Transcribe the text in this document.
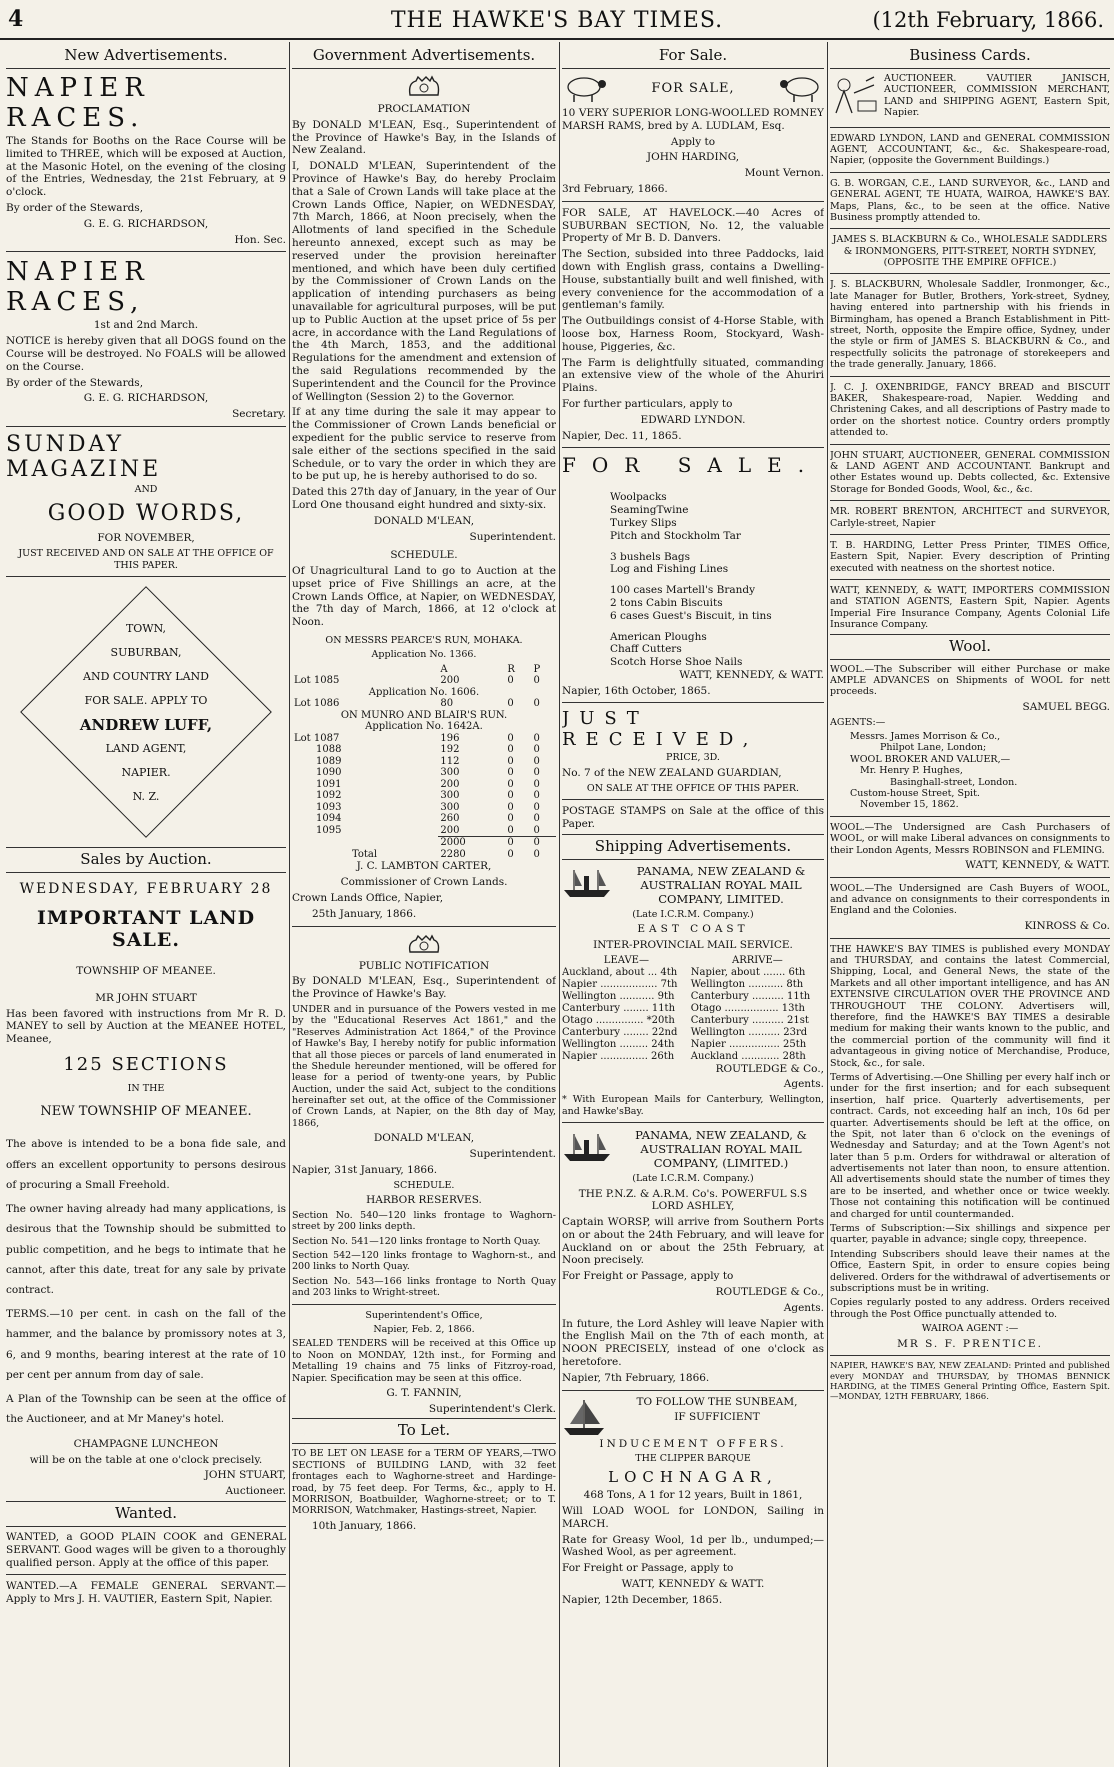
4	THE HAWKE'S BAY TIMES.	(12th February, 1866.
New Advertisements.
NAPIER RACES.

The Stands for Booths on the Race Course will be limited to THREE, which will be exposed at Auction, at the Masonic Hotel, on the evening of the closing of the Entries, Wednesday, the 21st February, at 9 o'clock.

By order of the Stewards,

G. E. G. RICHARDSON,

Hon. Sec.

NAPIER RACES,

1st and 2nd March.

NOTICE is hereby given that all DOGS found on the Course will be destroyed. No FOALS will be allowed on the Course.

By order of the Stewards,

G. E. G. RICHARDSON,

Secretary.

SUNDAY MAGAZINE

AND

GOOD WORDS,

FOR NOVEMBER,

JUST RECEIVED AND ON SALE AT THE OFFICE OF THIS PAPER.

TOWN,
SUBURBAN,
AND COUNTRY LAND
FOR SALE. APPLY TO
ANDREW LUFF,
LAND AGENT,
NAPIER.
N. Z.
Sales by Auction.
WEDNESDAY, FEBRUARY 28
IMPORTANT LAND SALE.

TOWNSHIP OF MEANEE.

MR JOHN STUART

Has been favored with instructions from Mr R. D. MANEY to sell by Auction at the MEANEE HOTEL, Meanee,

125 SECTIONS

IN THE

NEW TOWNSHIP OF MEANEE.

The above is intended to be a bona fide sale, and offers an excellent opportunity to persons desirous of procuring a Small Freehold.

The owner having already had many applications, is desirous that the Township should be submitted to public competition, and he begs to intimate that he cannot, after this date, treat for any sale by private contract.

TERMS.—10 per cent. in cash on the fall of the hammer, and the balance by promissory notes at 3, 6, and 9 months, bearing interest at the rate of 10 per cent per annum from day of sale.

A Plan of the Township can be seen at the office of the Auctioneer, and at Mr Maney's hotel.

CHAMPAGNE LUNCHEON

will be on the table at one o'clock precisely.

JOHN STUART,

Auctioneer.

Wanted.

WANTED, a GOOD PLAIN COOK and GENERAL SERVANT. Good wages will be given to a thoroughly qualified person. Apply at the office of this paper.

WANTED.—A FEMALE GENERAL SERVANT.—Apply to Mrs J. H. VAUTIER, Eastern Spit, Napier.

Government Advertisements.

PROCLAMATION

By DONALD M'LEAN, Esq., Superintendent of the Province of Hawke's Bay, in the Islands of New Zealand.

I, DONALD M'LEAN, Superintendent of the Province of Hawke's Bay, do hereby Proclaim that a Sale of Crown Lands will take place at the Crown Lands Office, Napier, on WEDNESDAY, 7th March, 1866, at Noon precisely, when the Allotments of land specified in the Schedule hereunto annexed, except such as may be reserved under the provision hereinafter mentioned, and which have been duly certified by the Commissioner of Crown Lands on the application of intending purchasers as being unavailable for agricultural purposes, will be put up to Public Auction at the upset price of 5s per acre, in accordance with the Land Regulations of the 4th March, 1853, and the additional Regulations for the amendment and extension of the said Regulations recommended by the Superintendent and the Council for the Province of Wellington (Session 2) to the Governor.

If at any time during the sale it may appear to the Commissioner of Crown Lands beneficial or expedient for the public service to reserve from sale either of the sections specified in the said Schedule, or to vary the order in which they are to be put up, he is hereby authorised to do so.

Dated this 27th day of January, in the year of Our Lord One thousand eight hundred and sixty-six.

DONALD M'LEAN,

Superintendent.

SCHEDULE.

Of Unagricultural Land to go to Auction at the upset price of Five Shillings an acre, at the Crown Lands Office, at Napier, on WEDNESDAY, the 7th day of March, 1866, at 12 o'clock at Noon.

ON MESSRS PEARCE'S RUN, MOHAKA.

Application No. 1366.

		A	R	P
Lot 1085		200	0	0
Application No. 1606.				
Lot 1086		80	0	0
ON MUNRO AND BLAIR'S RUN.				
Application No. 1642A.				
Lot 1087		196	0	0
1088		192	0	0
1089		112	0	0
1090		300	0	0
1091		200	0	0
1092		300	0	0
1093		300	0	0
1094		260	0	0
1095		200	0	0
		2000	0	0
Total		2280	0	0

J. C. LAMBTON CARTER,

Commissioner of Crown Lands.

Crown Lands Office, Napier,

25th January, 1866.

PUBLIC NOTIFICATION

By DONALD M'LEAN, Esq., Superintendent of the Province of Hawke's Bay.

UNDER and in pursuance of the Powers vested in me by the "Educational Reserves Act 1861," and the "Reserves Administration Act 1864," of the Province of Hawke's Bay, I hereby notify for public information that all those pieces or parcels of land enumerated in the Shedule hereunder mentioned, will be offered for lease for a period of twenty-one years, by Public Auction, under the said Act, subject to the conditions hereinafter set out, at the office of the Commissioner of Crown Lands, at Napier, on the 8th day of May, 1866,

DONALD M'LEAN,

Superintendent.

Napier, 31st January, 1866.

SCHEDULE.

HARBOR RESERVES.

Section No. 540—120 links frontage to Waghorn-street by 200 links depth.

Section No. 541—120 links frontage to North Quay.

Section 542—120 links frontage to Waghorn-st., and 200 links to North Quay.

Section No. 543—166 links frontage to North Quay and 203 links to Wright-street.

Superintendent's Office,

Napier, Feb. 2, 1866.

SEALED TENDERS will be received at this Office up to Noon on MONDAY, 12th inst., for Forming and Metalling 19 chains and 75 links of Fitzroy-road, Napier. Specification may be seen at this office.

G. T. FANNIN,

Superintendent's Clerk.

To Let.

TO BE LET ON LEASE for a TERM OF YEARS,—TWO SECTIONS of BUILDING LAND, with 32 feet frontages each to Waghorne-street and Hardinge-road, by 75 feet deep. For Terms, &c., apply to H. MORRISON, Boatbuilder, Waghorne-street; or to T. MORRISON, Watchmaker, Hastings-street, Napier.

10th January, 1866.

For Sale.
FOR SALE,

10 VERY SUPERIOR LONG-WOOLLED ROMNEY MARSH RAMS, bred by A. LUDLAM, Esq.

Apply to

JOHN HARDING,

Mount Vernon.

3rd February, 1866.

FOR SALE, AT HAVELOCK.—40 Acres of SUBURBAN SECTION, No. 12, the valuable Property of Mr B. D. Danvers.

The Section, subsided into three Paddocks, laid down with English grass, contains a Dwelling-House, substantially built and well finished, with every convenience for the accommodation of a gentleman's family.

The Outbuildings consist of 4-Horse Stable, with loose box, Harness Room, Stockyard, Wash-house, Piggeries, &c.

The Farm is delightfully situated, commanding an extensive view of the whole of the Ahuriri Plains.

For further particulars, apply to

EDWARD LYNDON.

Napier, Dec. 11, 1865.

FOR SALE.

Woolpacks

SeamingTwine

Turkey Slips

Pitch and Stockholm Tar

3 bushels Bags

Log and Fishing Lines

100 cases Martell's Brandy

2 tons Cabin Biscuits

6 cases Guest's Biscuit, in tins

American Ploughs

Chaff Cutters

Scotch Horse Shoe Nails

WATT, KENNEDY, & WATT.

Napier, 16th October, 1865.

JUST RECEIVED,

PRICE, 3D.

No. 7 of the NEW ZEALAND GUARDIAN,

ON SALE AT THE OFFICE OF THIS PAPER.

POSTAGE STAMPS on Sale at the office of this Paper.

Shipping Advertisements.

PANAMA, NEW ZEALAND & AUSTRALIAN ROYAL MAIL COMPANY, LIMITED.

(Late I.C.R.M. Company.)

EAST COAST

INTER-PROVINCIAL MAIL SERVICE.

LEAVE—	ARRIVE—
Auckland, about ... 4th	Napier, about ....... 6th
Napier .................. 7th	Wellington ........... 8th
Wellington ........... 9th	Canterbury .......... 11th
Canterbury ........ 11th	Otago ................. 13th
Otago ............... *20th	Canterbury .......... 21st
Canterbury ........ 22nd	Wellington .......... 23rd
Wellington ......... 24th	Napier ................ 25th
Napier ............... 26th	Auckland ............ 28th

ROUTLEDGE & Co.,

Agents.

* With European Mails for Canterbury, Wellington, and Hawke'sBay.

PANAMA, NEW ZEALAND, & AUSTRALIAN ROYAL MAIL COMPANY, (LIMITED.)

(Late I.C.R.M. Company.)

THE P.N.Z. & A.R.M. Co's. POWERFUL S.S LORD ASHLEY,

Captain WORSP, will arrive from Southern Ports on or about the 24th February, and will leave for Auckland on or about the 25th February, at Noon precisely.

For Freight or Passage, apply to

ROUTLEDGE & Co.,

Agents.

In future, the Lord Ashley will leave Napier with the English Mail on the 7th of each month, at NOON PRECISELY, instead of one o'clock as heretofore.

Napier, 7th February, 1866.

TO FOLLOW THE SUNBEAM,

IF SUFFICIENT

INDUCEMENT OFFERS.

THE CLIPPER BARQUE

LOCHNAGAR,

468 Tons, A 1 for 12 years, Built in 1861,

Will LOAD WOOL for LONDON, Sailing in MARCH.

Rate for Greasy Wool, 1d per lb., undumped;—Washed Wool, as per agreement.

For Freight or Passage, apply to

WATT, KENNEDY & WATT.

Napier, 12th December, 1865.

Business Cards.

AUCTIONEER. VAUTIER JANISCH, AUCTIONEER, COMMISSION MERCHANT, LAND and SHIPPING AGENT, Eastern Spit, Napier.

EDWARD LYNDON, LAND and GENERAL COMMISSION AGENT, ACCOUNTANT, &c., &c. Shakespeare-road, Napier, (opposite the Government Buildings.)

G. B. WORGAN, C.E., LAND SURVEYOR, &c., LAND and GENERAL AGENT, TE HUATA, WAIROA, HAWKE'S BAY. Maps, Plans, &c., to be seen at the office. Native Business promptly attended to.

JAMES S. BLACKBURN & Co., WHOLESALE SADDLERS & IRONMONGERS, PITT-STREET, NORTH SYDNEY, (OPPOSITE THE EMPIRE OFFICE.)

J. S. BLACKBURN, Wholesale Saddler, Ironmonger, &c., late Manager for Butler, Brothers, York-street, Sydney, having entered into partnership with his friends in Birmingham, has opened a Branch Establishment in Pitt-street, North, opposite the Empire office, Sydney, under the style or firm of JAMES S. BLACKBURN & Co., and respectfully solicits the patronage of storekeepers and the trade generally. January, 1866.

J. C. J. OXENBRIDGE, FANCY BREAD and BISCUIT BAKER, Shakespeare-road, Napier. Wedding and Christening Cakes, and all descriptions of Pastry made to order on the shortest notice. Country orders promptly attended to.

JOHN STUART, AUCTIONEER, GENERAL COMMISSION & LAND AGENT AND ACCOUNTANT. Bankrupt and other Estates wound up. Debts collected, &c. Extensive Storage for Bonded Goods, Wool, &c., &c.

MR. ROBERT BRENTON, ARCHITECT and SURVEYOR, Carlyle-street, Napier

T. B. HARDING, Letter Press Printer, TIMES Office, Eastern Spit, Napier. Every description of Printing executed with neatness on the shortest notice.

WATT, KENNEDY, & WATT, IMPORTERS COMMISSION and STATION AGENTS, Eastern Spit, Napier. Agents Imperial Fire Insurance Company, Agents Colonial Life Insurance Company.

Wool.

WOOL.—The Subscriber will either Purchase or make AMPLE ADVANCES on Shipments of WOOL for nett proceeds.

SAMUEL BEGG.

AGENTS:—

Messrs. James Morrison & Co.,

Philpot Lane, London;

WOOL BROKER AND VALUER,—

Mr. Henry P. Hughes,

Basinghall-street, London.

Custom-house Street, Spit.

November 15, 1862.

WOOL.—The Undersigned are Cash Purchasers of WOOL, or will make Liberal advances on consignments to their London Agents, Messrs ROBINSON and FLEMING.

WATT, KENNEDY, & WATT.

WOOL.—The Undersigned are Cash Buyers of WOOL, and advance on consignments to their correspondents in England and the Colonies.

KINROSS & Co.

THE HAWKE'S BAY TIMES is published every MONDAY and THURSDAY, and contains the latest Commercial, Shipping, Local, and General News, the state of the Markets and all other important intelligence, and has AN EXTENSIVE CIRCULATION OVER THE PROVINCE AND THROUGHOUT THE COLONY. Advertisers will, therefore, find the HAWKE'S BAY TIMES a desirable medium for making their wants known to the public, and the commercial portion of the community will find it advantageous in giving notice of Merchandise, Produce, Stock, &c., for sale.

Terms of Advertising.—One Shilling per every half inch or under for the first insertion; and for each subsequent insertion, half price. Quarterly advertisements, per contract. Cards, not exceeding half an inch, 10s 6d per quarter. Advertisements should be left at the office, on the Spit, not later than 6 o'clock on the evenings of Wednesday and Saturday; and at the Town Agent's not later than 5 p.m. Orders for withdrawal or alteration of advertisements not later than noon, to ensure attention. All advertisements should state the number of times they are to be inserted, and whether once or twice weekly. Those not containing this notification will be continued and charged for until countermanded.

Terms of Subscription:—Six shillings and sixpence per quarter, payable in advance; single copy, threepence.

Intending Subscribers should leave their names at the Office, Eastern Spit, in order to ensure copies being delivered. Orders for the withdrawal of advertisements or subscriptions must be in writing.

Copies regularly posted to any address. Orders received through the Post Office punctually attended to.

WAIROA AGENT :—

MR S. F. PRENTICE.

NAPIER, HAWKE'S BAY, NEW ZEALAND: Printed and published every MONDAY and THURSDAY, by THOMAS BENNICK HARDING, at the TIMES General Printing Office, Eastern Spit.—MONDAY, 12TH FEBRUARY, 1866.
